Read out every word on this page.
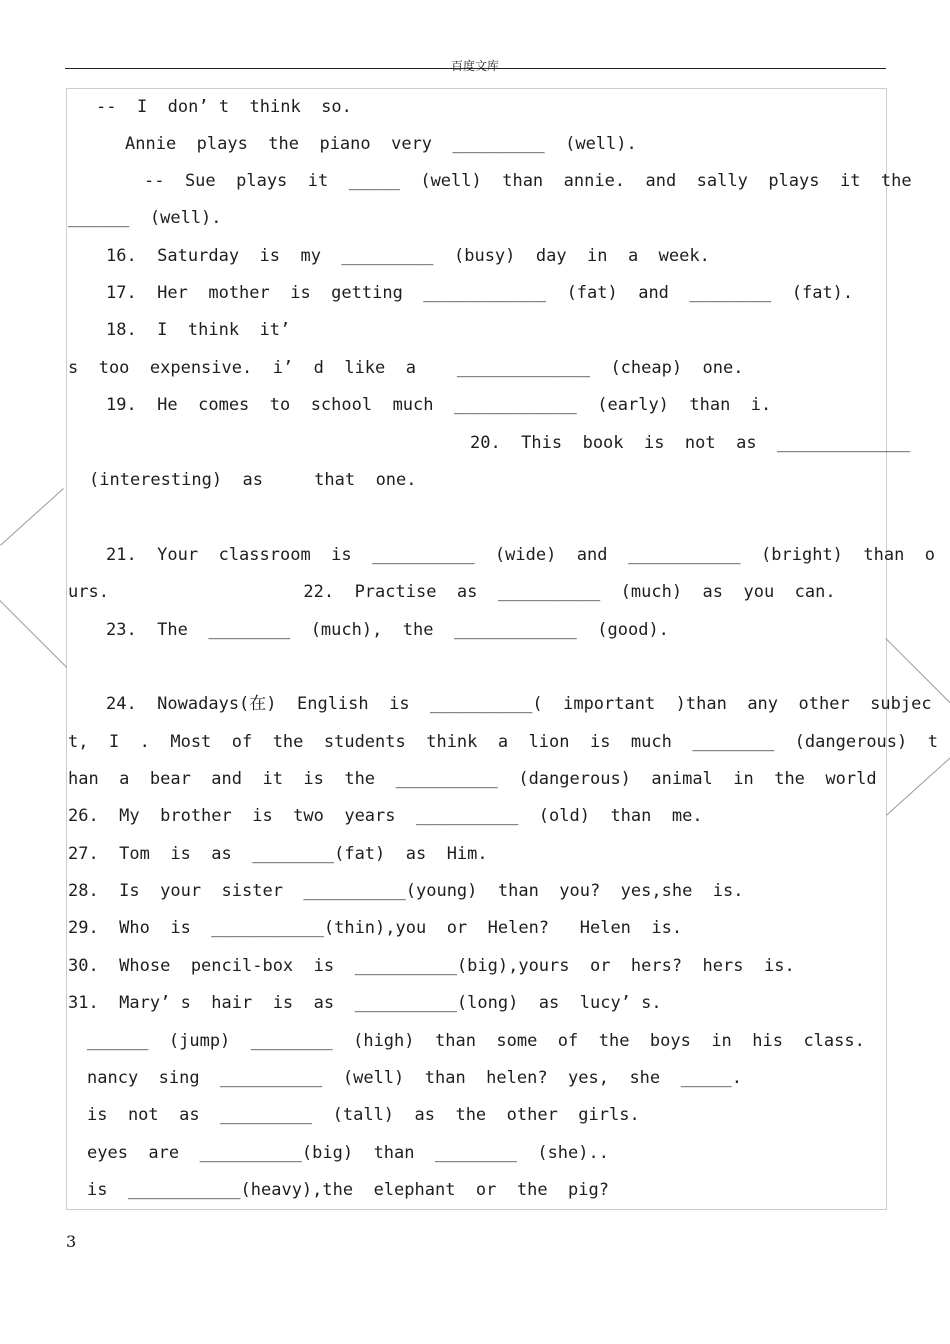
百度文库

--  I  don’ t  think  so.

Annie  plays  the  piano  very  _________  (well).

--  Sue  plays  it  _____  (well)  than  annie.  and  sally  plays  it  the

______  (well).

16.  Saturday  is  my  _________  (busy)  day  in  a  week.

17.  Her  mother  is  getting  ____________  (fat)  and  ________  (fat).

18.  I  think  it’

s  too  expensive.  i’  d  like  a    _____________  (cheap)  one.

19.  He  comes  to  school  much  ____________  (early)  than  i.

20.  This  book  is  not  as  _____________

(interesting)  as     that  one.

21.  Your  classroom  is  __________  (wide)  and  ___________  (bright)  than  o

urs.                   22.  Practise  as  __________  (much)  as  you  can.

23.  The  ________  (much),  the  ____________  (good).

24.  Nowadays(在)  English  is  __________(  important  )than  any  other  subjec

t,  I  .  Most  of  the  students  think  a  lion  is  much  ________  (dangerous)  t

han  a  bear  and  it  is  the  __________  (dangerous)  animal  in  the  world

26.  My  brother  is  two  years  __________  (old)  than  me.

27.  Tom  is  as  ________(fat)  as  Him.

28.  Is  your  sister  __________(young)  than  you?  yes,she  is.

29.  Who  is  ___________(thin),you  or  Helen?   Helen  is.

30.  Whose  pencil-box  is  __________(big),yours  or  hers?  hers  is.

31.  Mary’ s  hair  is  as  __________(long)  as  lucy’ s.

______  (jump)  ________  (high)  than  some  of  the  boys  in  his  class.

nancy  sing  __________  (well)  than  helen?  yes,  she  _____.

is  not  as  _________  (tall)  as  the  other  girls.

eyes  are  __________(big)  than  ________  (she)..

is  ___________(heavy),the  elephant  or  the  pig?

3
